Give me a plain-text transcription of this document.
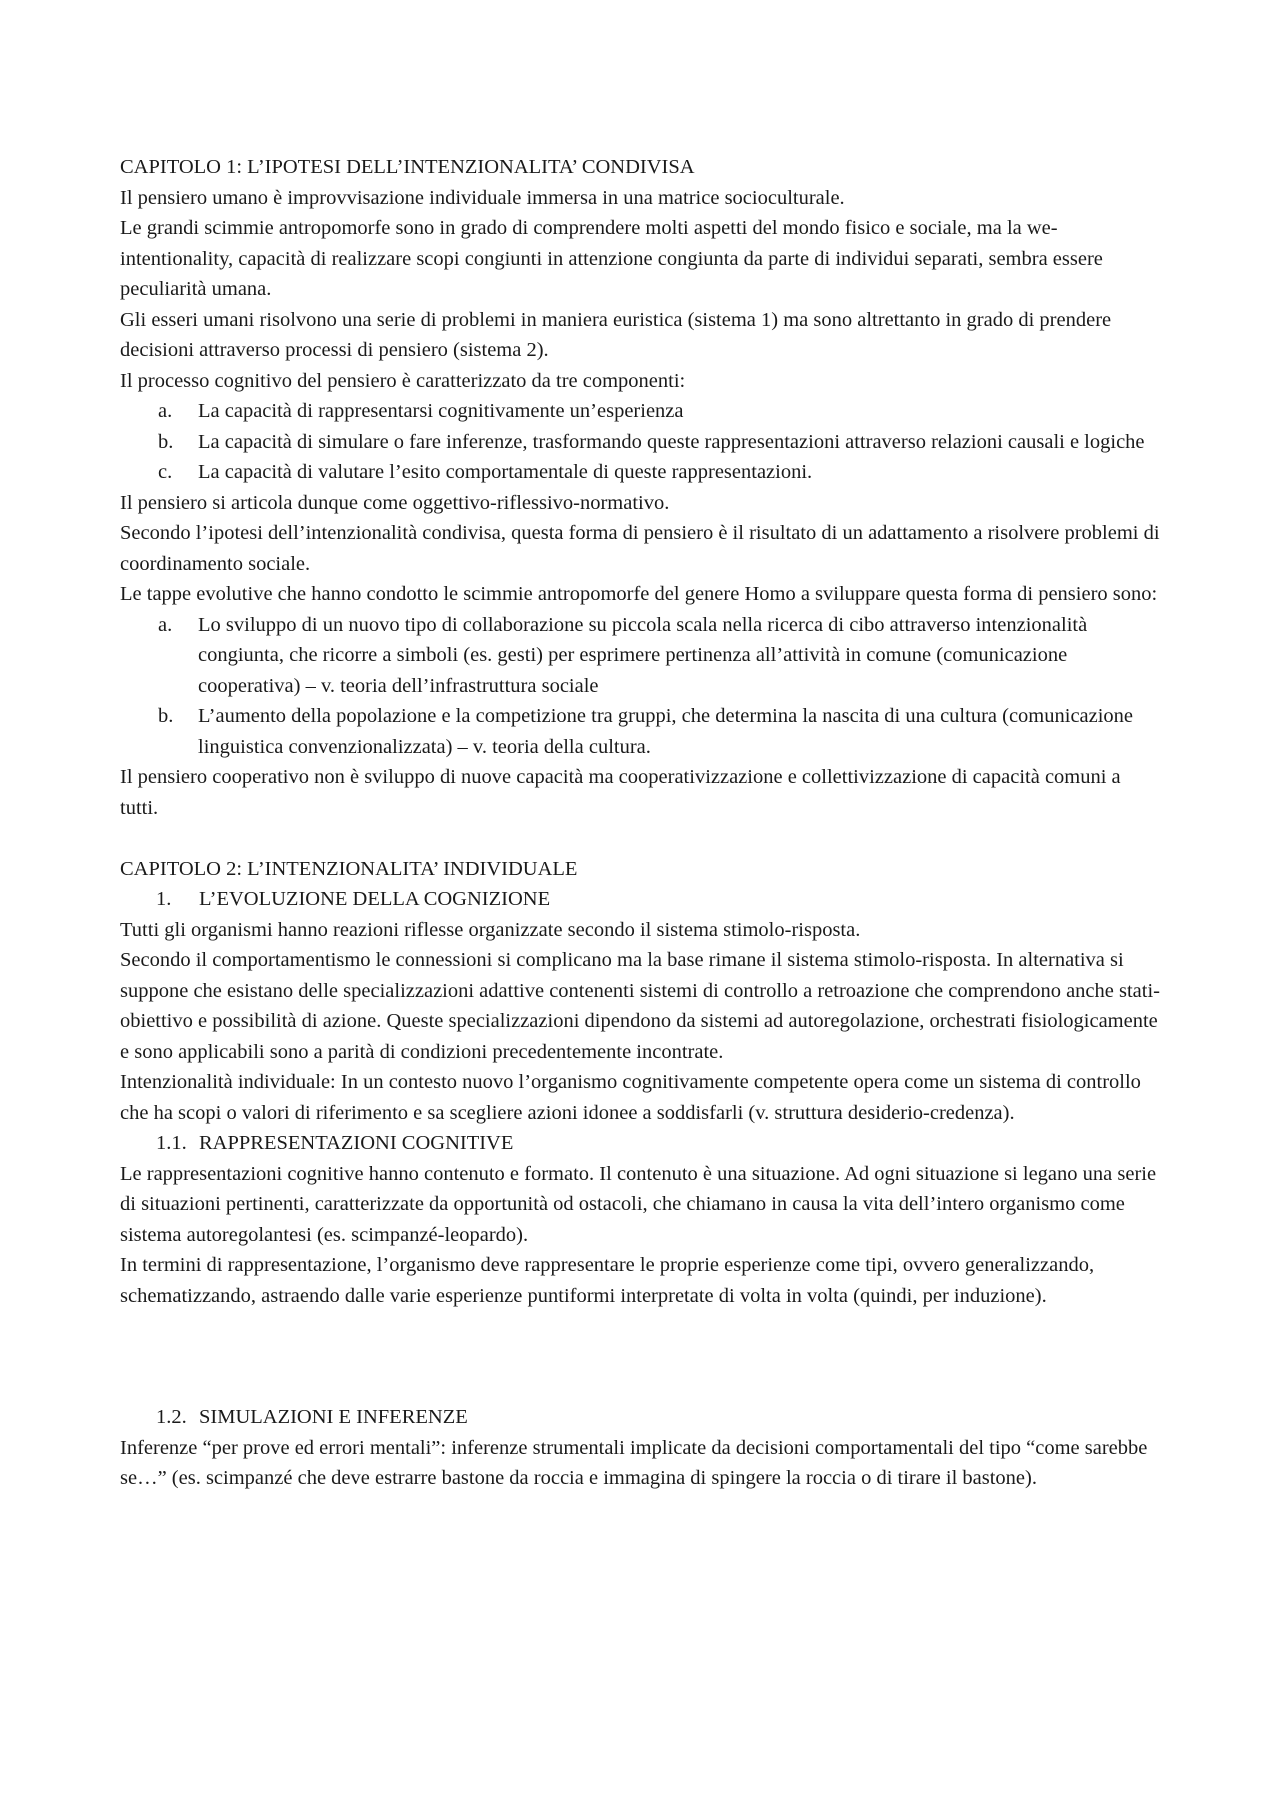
CAPITOLO 1: L’IPOTESI DELL’INTENZIONALITA’ CONDIVISA

Il pensiero umano è improvvisazione individuale immersa in una matrice socioculturale.

Le grandi scimmie antropomorfe sono in grado di comprendere molti aspetti del mondo fisico e sociale, ma la we-intentionality, capacità di realizzare scopi congiunti in attenzione congiunta da parte di individui separati, sembra essere peculiarità umana.

Gli esseri umani risolvono una serie di problemi in maniera euristica (sistema 1) ma sono altrettanto in grado di prendere decisioni attraverso processi di pensiero (sistema 2).

Il processo cognitivo del pensiero è caratterizzato da tre componenti:

a. La capacità di rappresentarsi cognitivamente un’esperienza
b. La capacità di simulare o fare inferenze, trasformando queste rappresentazioni attraverso relazioni causali e logiche
c. La capacità di valutare l’esito comportamentale di queste rappresentazioni.

Il pensiero si articola dunque come oggettivo-riflessivo-normativo.

Secondo l’ipotesi dell’intenzionalità condivisa, questa forma di pensiero è il risultato di un adattamento a risolvere problemi di coordinamento sociale.

Le tappe evolutive che hanno condotto le scimmie antropomorfe del genere Homo a sviluppare questa forma di pensiero sono:

a. Lo sviluppo di un nuovo tipo di collaborazione su piccola scala nella ricerca di cibo attraverso intenzionalità congiunta, che ricorre a simboli (es. gesti) per esprimere pertinenza all’attività in comune (comunicazione cooperativa) – v. teoria dell’infrastruttura sociale
b. L’aumento della popolazione e la competizione tra gruppi, che determina la nascita di una cultura (comunicazione linguistica convenzionalizzata) – v. teoria della cultura.

Il pensiero cooperativo non è sviluppo di nuove capacità ma cooperativizzazione e collettivizzazione di capacità comuni a tutti.

CAPITOLO 2: L’INTENZIONALITA’ INDIVIDUALE

1. L’EVOLUZIONE DELLA COGNIZIONE

Tutti gli organismi hanno reazioni riflesse organizzate secondo il sistema stimolo-risposta.

Secondo il comportamentismo le connessioni si complicano ma la base rimane il sistema stimolo-risposta. In alternativa si suppone che esistano delle specializzazioni adattive contenenti sistemi di controllo a retroazione che comprendono anche stati-obiettivo e possibilità di azione. Queste specializzazioni dipendono da sistemi ad autoregolazione, orchestrati fisiologicamente e sono applicabili sono a parità di condizioni precedentemente incontrate.

Intenzionalità individuale: In un contesto nuovo l’organismo cognitivamente competente opera come un sistema di controllo che ha scopi o valori di riferimento e sa scegliere azioni idonee a soddisfarli (v. struttura desiderio-credenza).

1.1. RAPPRESENTAZIONI COGNITIVE

Le rappresentazioni cognitive hanno contenuto e formato. Il contenuto è una situazione. Ad ogni situazione si legano una serie di situazioni pertinenti, caratterizzate da opportunità od ostacoli, che chiamano in causa la vita dell’intero organismo come sistema autoregolantesi (es. scimpanzé-leopardo).

In termini di rappresentazione, l’organismo deve rappresentare le proprie esperienze come tipi, ovvero generalizzando, schematizzando, astraendo dalle varie esperienze puntiformi interpretate di volta in volta (quindi, per induzione).

1.2. SIMULAZIONI E INFERENZE

Inferenze “per prove ed errori mentali”: inferenze strumentali implicate da decisioni comportamentali del tipo “come sarebbe se…” (es. scimpanzé che deve estrarre bastone da roccia e immagina di spingere la roccia o di tirare il bastone).
